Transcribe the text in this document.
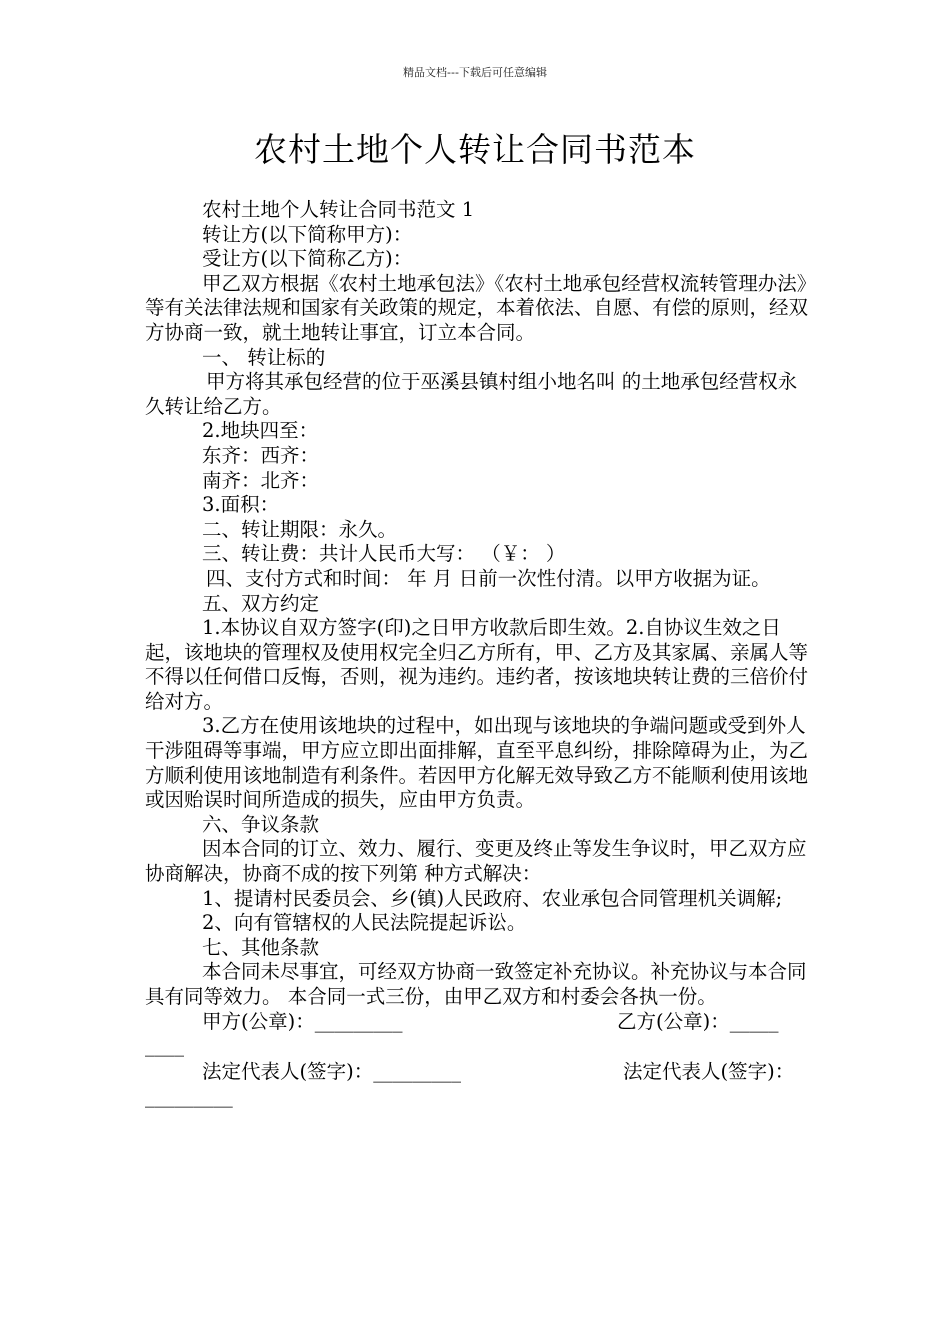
精品文档---下载后可任意编辑
农村土地个人转让合同书范本

农村土地个人转让合同书范文 1

转让方(以下简称甲方)：

受让方(以下简称乙方)：

甲乙双方根据《农村土地承包法》《农村土地承包经营权流转管理办法》等有关法律法规和国家有关政策的规定，本着依法、自愿、有偿的原则，经双方协商一致，就土地转让事宜，订立本合同。

一、 转让标的

甲方将其承包经营的位于巫溪县镇村组小地名叫 的土地承包经营权永久转让给乙方。

2.地块四至：

东齐：西齐：

南齐：北齐：

3.面积：

二、转让期限：永久。

三、转让费：共计人民币大写： （￥： ）

四、支付方式和时间： 年 月 日前一次性付清。以甲方收据为证。

五、双方约定

1.本协议自双方签字(印)之日甲方收款后即生效。2.自协议生效之日起，该地块的管理权及使用权完全归乙方所有，甲、乙方及其家属、亲属人等不得以任何借口反悔，否则，视为违约。违约者，按该地块转让费的三倍价付给对方。

3.乙方在使用该地块的过程中，如出现与该地块的争端问题或受到外人干涉阻碍等事端，甲方应立即出面排解，直至平息纠纷，排除障碍为止，为乙方顺利使用该地制造有利条件。若因甲方化解无效导致乙方不能顺利使用该地或因贻误时间所造成的损失，应由甲方负责。

六、争议条款

因本合同的订立、效力、履行、变更及终止等发生争议时，甲乙双方应协商解决，协商不成的按下列第 种方式解决：

1、提请村民委员会、乡(镇)人民政府、农业承包合同管理机关调解;

2、向有管辖权的人民法院提起诉讼。

七、其他条款

本合同未尽事宜，可经双方协商一致签定补充协议。补充协议与本合同具有同等效力。 本合同一式三份，由甲乙双方和村委会各执一份。

甲方(公章)：_________	乙方(公章)：_____
____
法定代表人(签字)：_________	法定代表人(签字)：
_________
